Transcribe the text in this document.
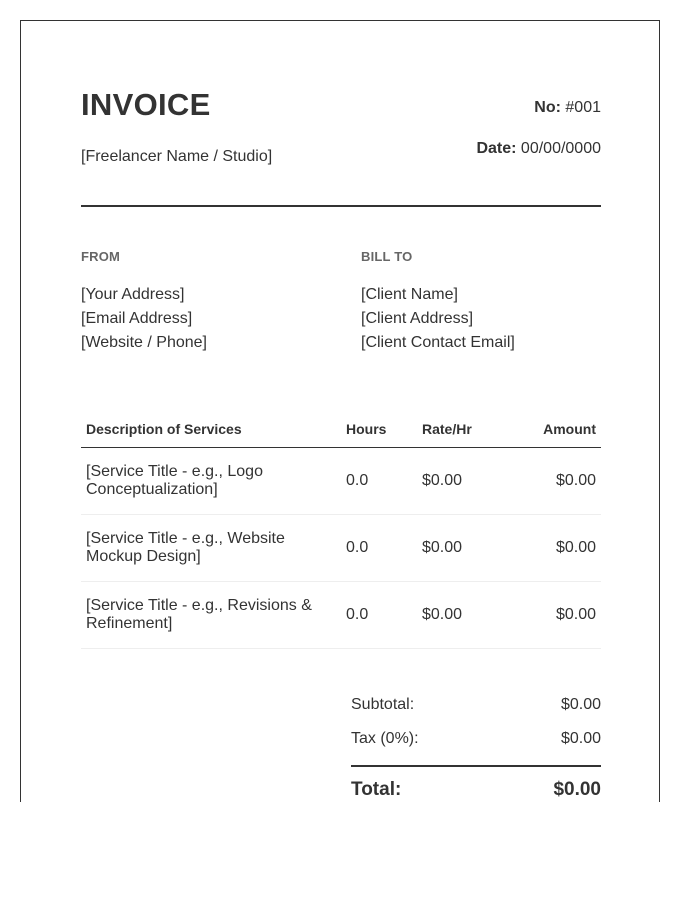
INVOICE
[Freelancer Name / Studio]
No: #001
Date: 00/00/0000
FROM
[Your Address]
[Email Address]
[Website / Phone]
BILL TO
[Client Name]
[Client Address]
[Client Contact Email]
Description of Services	Hours	Rate/Hr	Amount
[Service Title - e.g., Logo Conceptualization]	0.0	$0.00	$0.00
[Service Title - e.g., Website Mockup Design]	0.0	$0.00	$0.00
[Service Title - e.g., Revisions & Refinement]	0.0	$0.00	$0.00
Subtotal:	$0.00
Tax (0%):	$0.00
Total:	$0.00
